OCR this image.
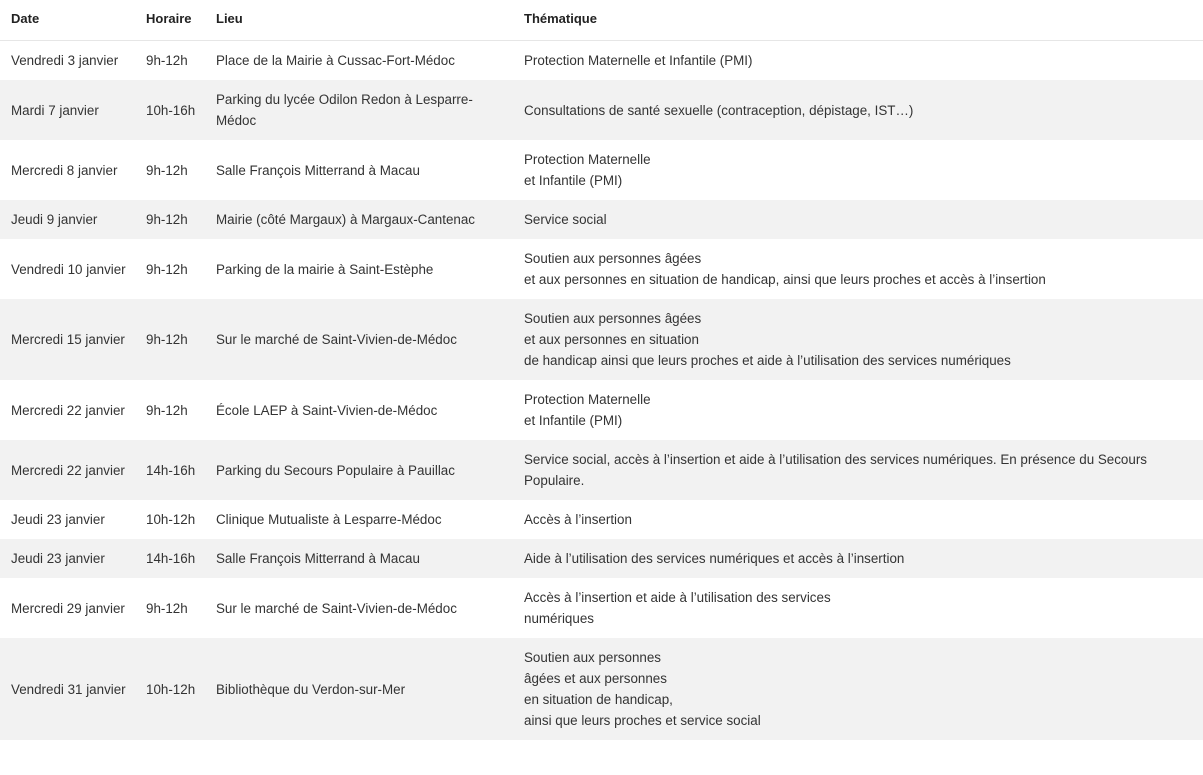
Date	Horaire	Lieu	Thématique
Vendredi 3 janvier	9h-12h	Place de la Mairie à Cussac-Fort-Médoc	Protection Maternelle et Infantile (PMI)

Mardi 7 janvier	10h-16h	Parking du lycée Odilon Redon à Lesparre-Médoc	Consultations de santé sexuelle (contraception, dépistage, IST…)

Mercredi 8 janvier	9h-12h	Salle François Mitterrand à Macau	Protection Maternelle
et Infantile (PMI)

Jeudi 9 janvier	9h-12h	Mairie (côté Margaux) à Margaux-Cantenac	Service social

Vendredi 10 janvier	9h-12h	Parking de la mairie à Saint-Estèphe	Soutien aux personnes âgées
et aux personnes en situation de handicap, ainsi que leurs proches et accès à l’insertion

Mercredi 15 janvier	9h-12h	Sur le marché de Saint-Vivien-de-Médoc	Soutien aux personnes âgées
et aux personnes en situation
de handicap ainsi que leurs proches et aide à l’utilisation des services numériques

Mercredi 22 janvier	9h-12h	École LAEP à Saint-Vivien-de-Médoc	Protection Maternelle
et Infantile (PMI)

Mercredi 22 janvier	14h-16h	Parking du Secours Populaire à Pauillac	Service social, accès à l’insertion et aide à l’utilisation des services numériques. En présence du Secours Populaire.

Jeudi 23 janvier	10h-12h	Clinique Mutualiste à Lesparre-Médoc	Accès à l’insertion

Jeudi 23 janvier	14h-16h	Salle François Mitterrand à Macau	Aide à l’utilisation des services numériques et accès à l’insertion

Mercredi 29 janvier	9h-12h	Sur le marché de Saint-Vivien-de-Médoc	Accès à l’insertion et aide à l’utilisation des services
numériques

Vendredi 31 janvier	10h-12h	Bibliothèque du Verdon-sur-Mer	Soutien aux personnes
âgées et aux personnes
en situation de handicap,
ainsi que leurs proches et service social
